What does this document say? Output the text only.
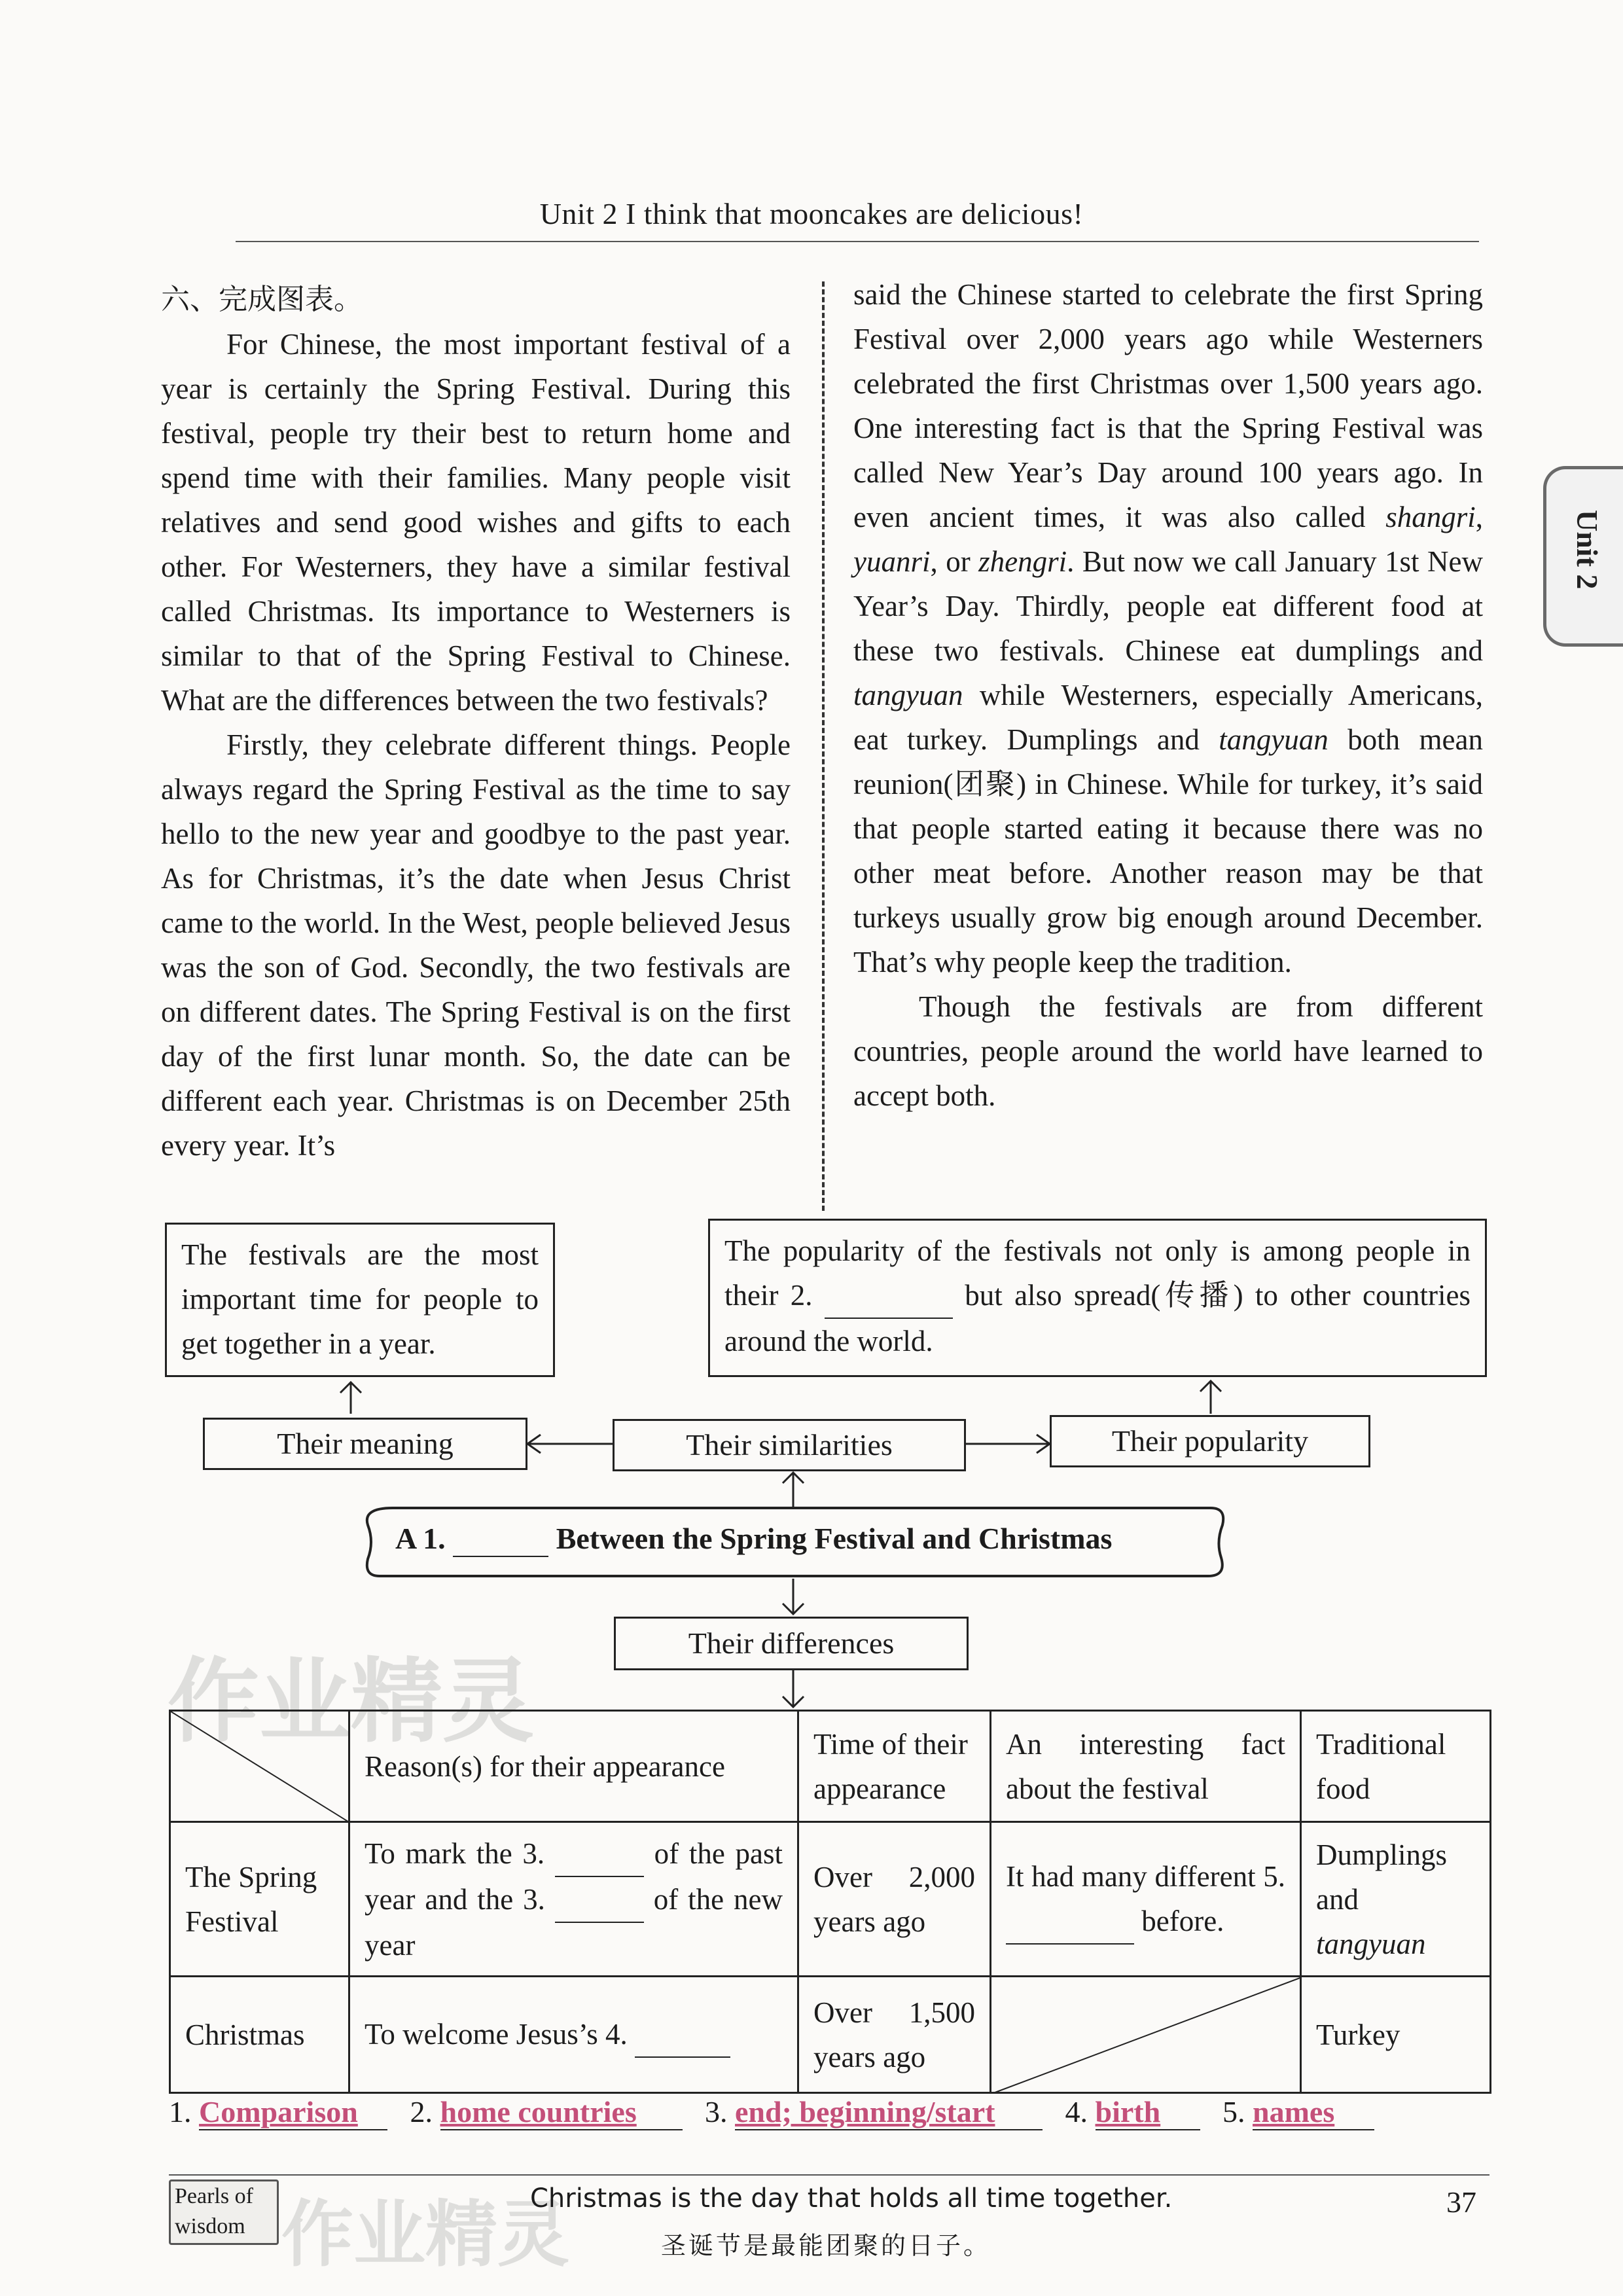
Unit 2 I think that mooncakes are delicious!
Unit 2
六、完成图表。

For Chinese, the most important festival of a year is certainly the Spring Festival. During this festival, people try their best to return home and spend time with their families. Many people visit relatives and send good wishes and gifts to each other. For Westerners, they have a similar festival called Christmas. Its importance to Westerners is similar to that of the Spring Festival to Chinese. What are the differences between the two festivals?

Firstly, they celebrate different things. People always regard the Spring Festival as the time to say hello to the new year and goodbye to the past year. As for Christmas, it’s the date when Jesus Christ came to the world. In the West, people believed Jesus was the son of God. Secondly, the two festivals are on different dates. The Spring Festival is on the first day of the first lunar month. So, the date can be different each year. Christmas is on December 25th every year. It’s

said the Chinese started to celebrate the first Spring Festival over 2,000 years ago while Westerners celebrated the first Christmas over 1,500 years ago. One interesting fact is that the Spring Festival was called New Year’s Day around 100 years ago. In even ancient times, it was also called shangri, yuanri, or zhengri. But now we call January 1st New Year’s Day. Thirdly, people eat different food at these two festivals. Chinese eat dumplings and tangyuan while Westerners, especially Americans, eat turkey. Dumplings and tangyuan both mean reunion(团聚) in Chinese. While for turkey, it’s said that people started eating it because there was no other meat before. Another reason may be that turkeys usually grow big enough around December. That’s why people keep the tradition.

Though the festivals are from different countries, people around the world have learned to accept both.

The festivals are the most important time for people to get together in a year.
The popularity of the festivals not only is among people in their 2.	but also spread(传播) to other countries around the world.
Their meaning	Their similarities	Their popularity
A 1.	Between the Spring Festival and Christmas
Their differences
作业精灵
	Reason(s) for their appearance	Time of their appearance	An interesting fact about the festival	Traditional food
The Spring Festival	To mark the 3. of the past year and the 3. of the new year	Over 2,000 years ago	It had many different 5.   before.	Dumplings and tangyuan
Christmas	To welcome Jesus’s 4.	Over 1,500 years ago		Turkey
1. Comparison 2. home countries 3. end; beginning/start 4. birth 5. names
Pearls of
wisdom 作业精灵
Christmas is the day that holds all time together.
圣诞节是最能团聚的日子。
37
